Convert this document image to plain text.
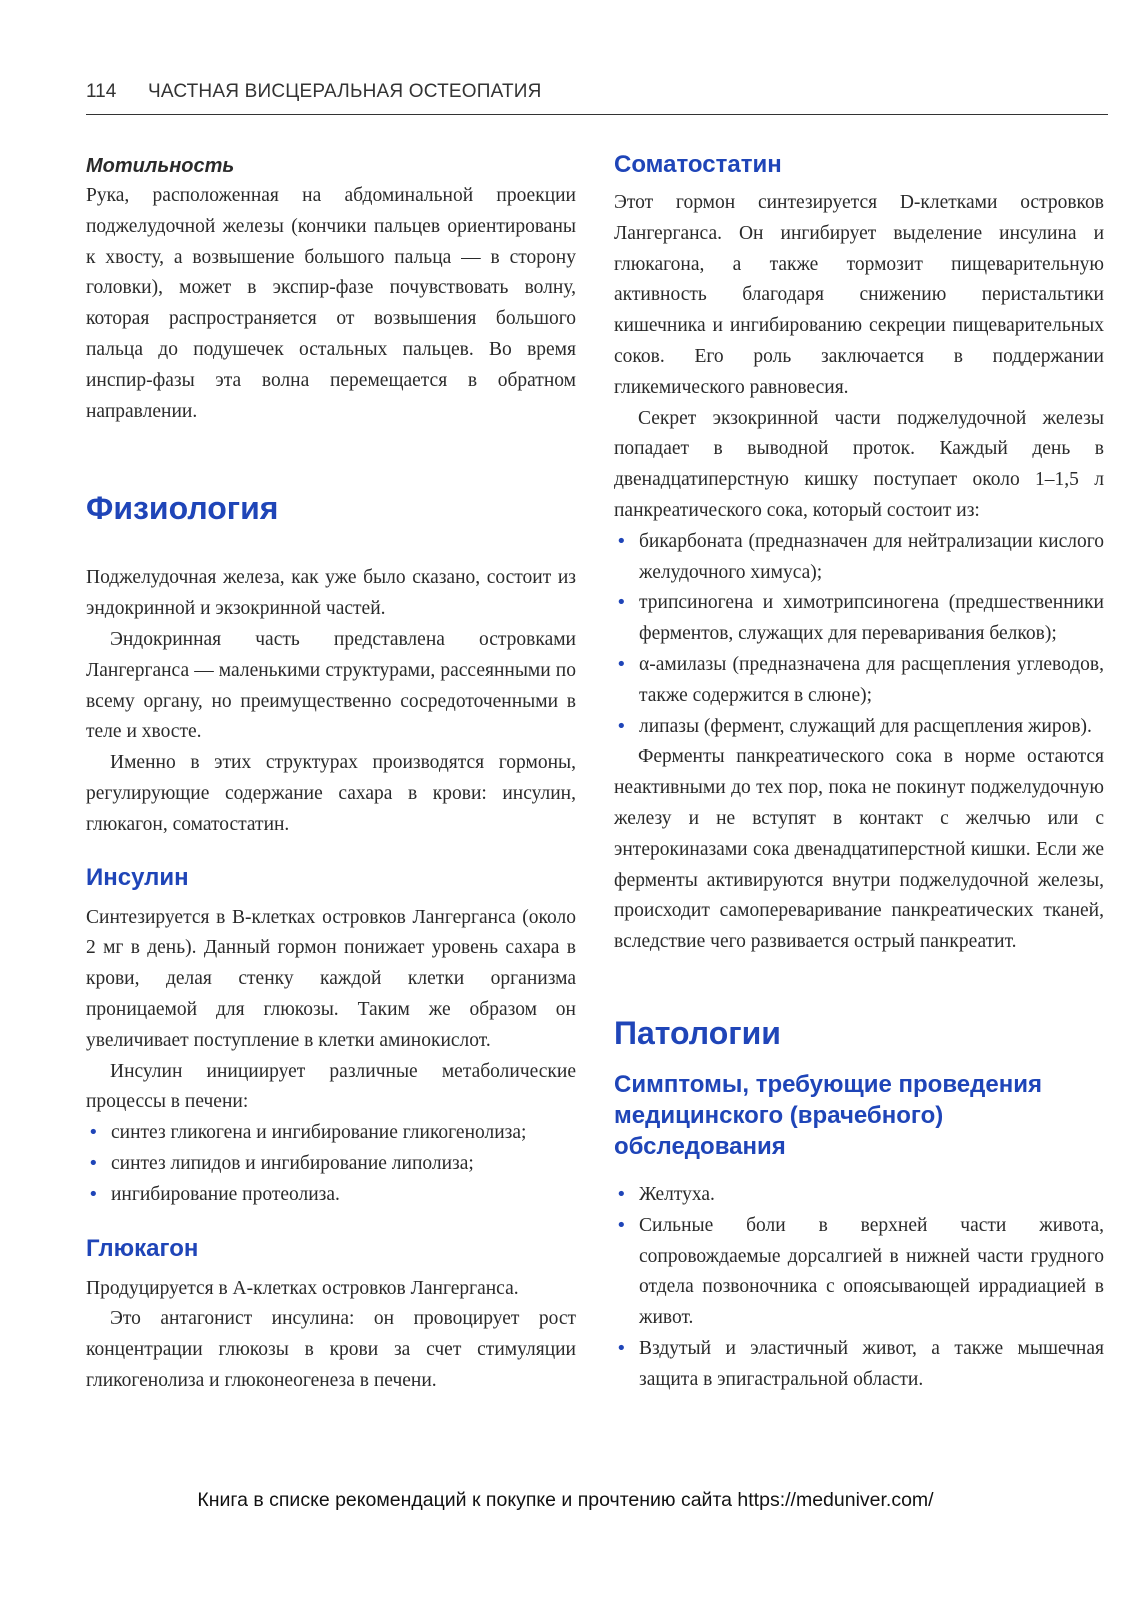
114 ЧАСТНАЯ ВИСЦЕРАЛЬНАЯ ОСТЕОПАТИЯ
Мотильность

Рука, расположенная на абдоминальной проекции поджелудочной железы (кончики пальцев ориентированы к хвосту, а возвышение большого пальца — в сторону головки), может в экспир-фазе почувствовать волну, которая распространяется от возвышения большого пальца до подушечек остальных пальцев. Во время инспир-фазы эта волна перемещается в обратном направлении.

Физиология

Поджелудочная железа, как уже было сказано, состоит из эндокринной и экзокринной частей.

Эндокринная часть представлена островками Лангерганса — маленькими структурами, рассеянными по всему органу, но преимущественно сосредоточенными в теле и хвосте.

Именно в этих структурах производятся гормоны, регулирующие содержание сахара в крови: инсулин, глюкагон, соматостатин.

Инсулин

Синтезируется в B-клетках островков Лангерганса (около 2 мг в день). Данный гормон понижает уровень сахара в крови, делая стенку каждой клетки организма проницаемой для глюкозы. Таким же образом он увеличивает поступление в клетки аминокислот.

Инсулин инициирует различные метаболические процессы в печени:

• синтез гликогена и ингибирование гликогенолиза;
• синтез липидов и ингибирование липолиза;
• ингибирование протеолиза.
Глюкагон

Продуцируется в A-клетках островков Лангерганса.

Это антагонист инсулина: он провоцирует рост концентрации глюкозы в крови за счет стимуляции гликогенолиза и глюконеогенеза в печени.

Соматостатин

Этот гормон синтезируется D-клетками островков Лангерганса. Он ингибирует выделение инсулина и глюкагона, а также тормозит пищеварительную активность благодаря снижению перистальтики кишечника и ингибированию секреции пищеварительных соков. Его роль заключается в поддержании гликемического равновесия.

Секрет экзокринной части поджелудочной железы попадает в выводной проток. Каждый день в двенадцатиперстную кишку поступает около 1–1,5 л панкреатического сока, который состоит из:

• бикарбоната (предназначен для нейтрализации кислого желудочного химуса);
• трипсиногена и химотрипсиногена (предшественники ферментов, служащих для переваривания белков);
• α-амилазы (предназначена для расщепления углеводов, также содержится в слюне);
• липазы (фермент, служащий для расщепления жиров).

Ферменты панкреатического сока в норме остаются неактивными до тех пор, пока не покинут поджелудочную железу и не вступят в контакт с желчью или с энтерокиназами сока двенадцатиперстной кишки. Если же ферменты активируются внутри поджелудочной железы, происходит самопереваривание панкреатических тканей, вследствие чего развивается острый панкреатит.

Патологии
Симптомы, требующие проведения медицинского (врачебного) обследования
• Желтуха.
• Сильные боли в верхней части живота, сопровождаемые дорсалгией в нижней части грудного отдела позвоночника с опоясывающей иррадиацией в живот.
• Вздутый и эластичный живот, а также мышечная защита в эпигастральной области.
Книга в списке рекомендаций к покупке и прочтению сайта https://meduniver.com/
